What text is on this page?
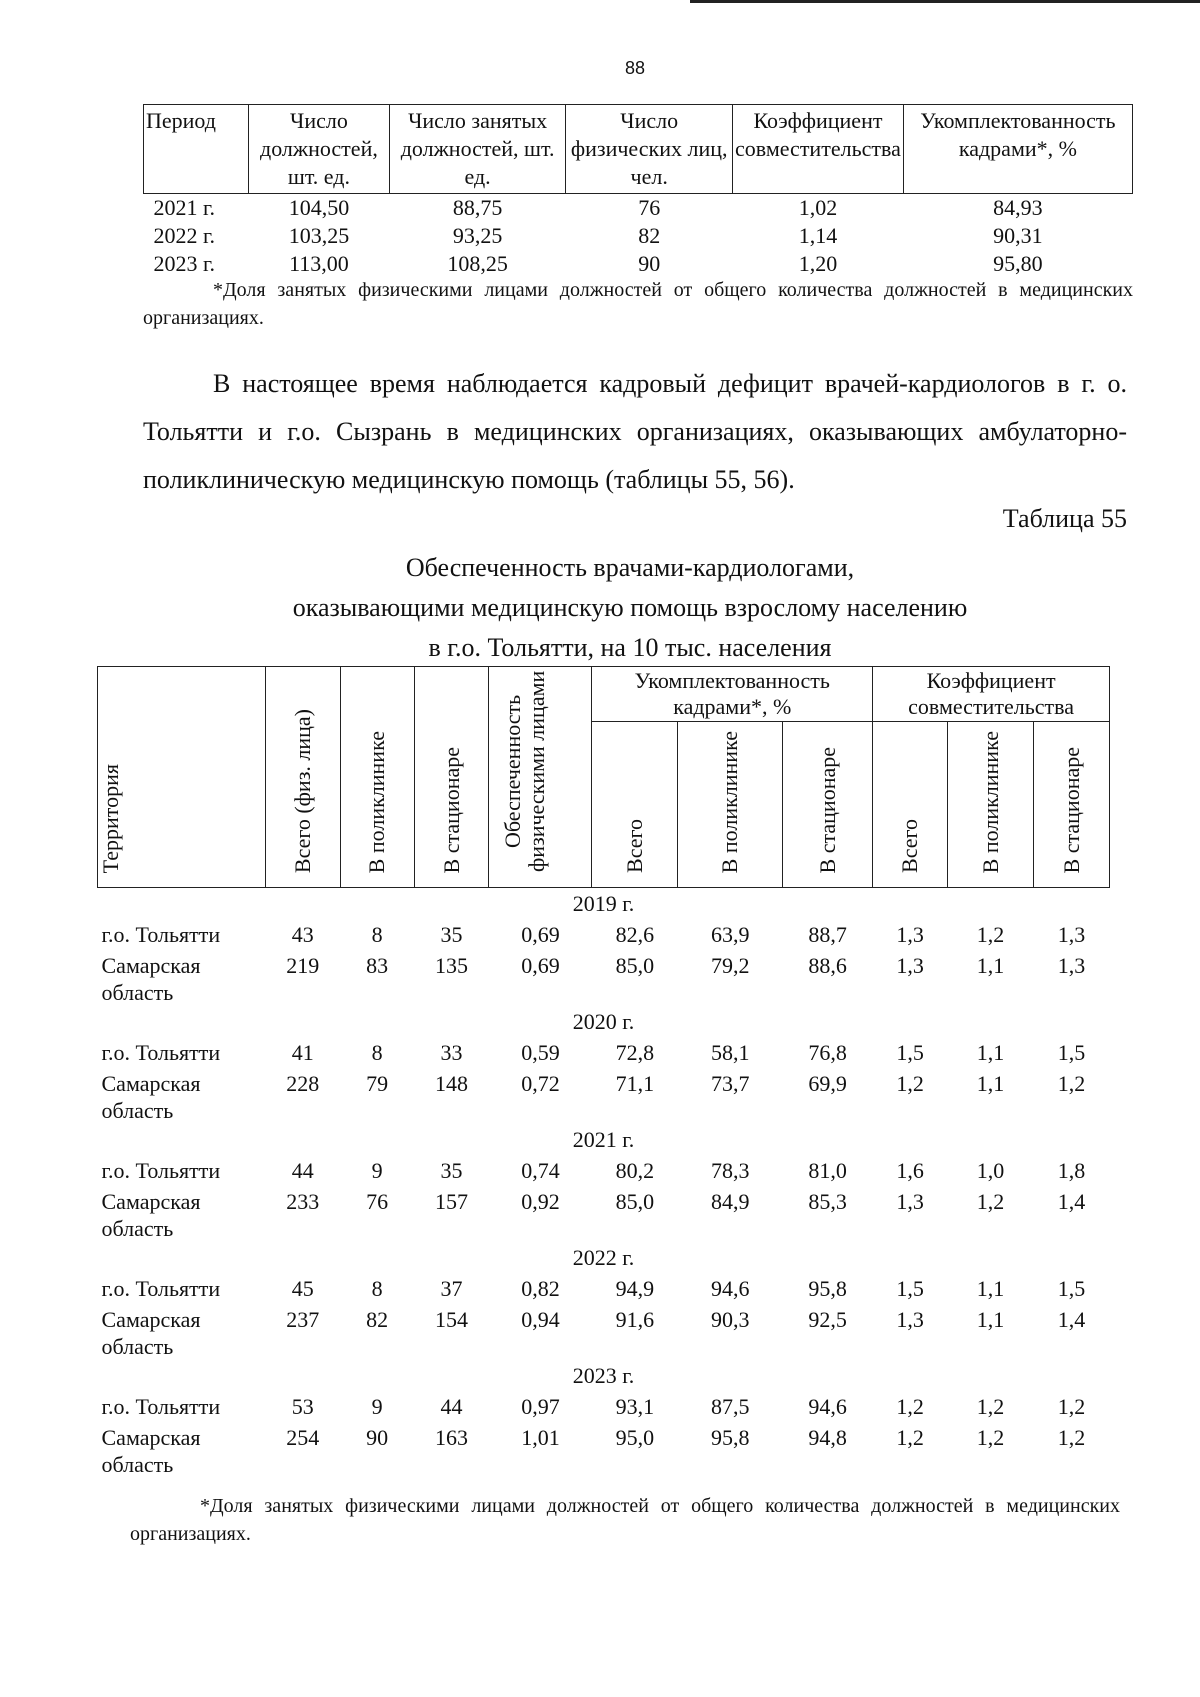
88
Период	Число должностей, шт. ед.	Число занятых должностей, шт. ед.	Число физических лиц, чел.	Коэффициент совместительства	Укомплектованность кадрами*, %
2021 г.	104,50	88,75	76	1,02	84,93
2022 г.	103,25	93,25	82	1,14	90,31
2023 г.	113,00	108,25	90	1,20	95,80
*Доля занятых физическими лицами должностей от общего количества должностей в медицинских организациях.
В настоящее время наблюдается кадровый дефицит врачей-кардиологов в г. о. Тольятти и г.о. Сызрань в медицинских организациях, оказывающих амбулаторно-поликлиническую медицинскую помощь (таблицы 55, 56).
Таблица 55
Обеспеченность врачами-кардиологами,
оказывающими медицинскую помощь взрослому населению
в г.о. Тольятти, на 10 тыс. населения
Территория	Всего (физ. лица)	В поликлинике	В стационаре	Обеспеченность физическими лицами	Укомплектованность кадрами*, %			Коэффициент совместительства		
					Всего	В поликлинике	В стационаре	Всего	В поликлинике	В стационаре
2019 г.										
г.о. Тольятти	43	8	35	0,69	82,6	63,9	88,7	1,3	1,2	1,3
Самарская область	219	83	135	0,69	85,0	79,2	88,6	1,3	1,1	1,3
2020 г.										
г.о. Тольятти	41	8	33	0,59	72,8	58,1	76,8	1,5	1,1	1,5
Самарская область	228	79	148	0,72	71,1	73,7	69,9	1,2	1,1	1,2
2021 г.										
г.о. Тольятти	44	9	35	0,74	80,2	78,3	81,0	1,6	1,0	1,8
Самарская область	233	76	157	0,92	85,0	84,9	85,3	1,3	1,2	1,4
2022 г.										
г.о. Тольятти	45	8	37	0,82	94,9	94,6	95,8	1,5	1,1	1,5
Самарская область	237	82	154	0,94	91,6	90,3	92,5	1,3	1,1	1,4
2023 г.										
г.о. Тольятти	53	9	44	0,97	93,1	87,5	94,6	1,2	1,2	1,2
Самарская область	254	90	163	1,01	95,0	95,8	94,8	1,2	1,2	1,2
*Доля занятых физическими лицами должностей от общего количества должностей в медицинских организациях.
